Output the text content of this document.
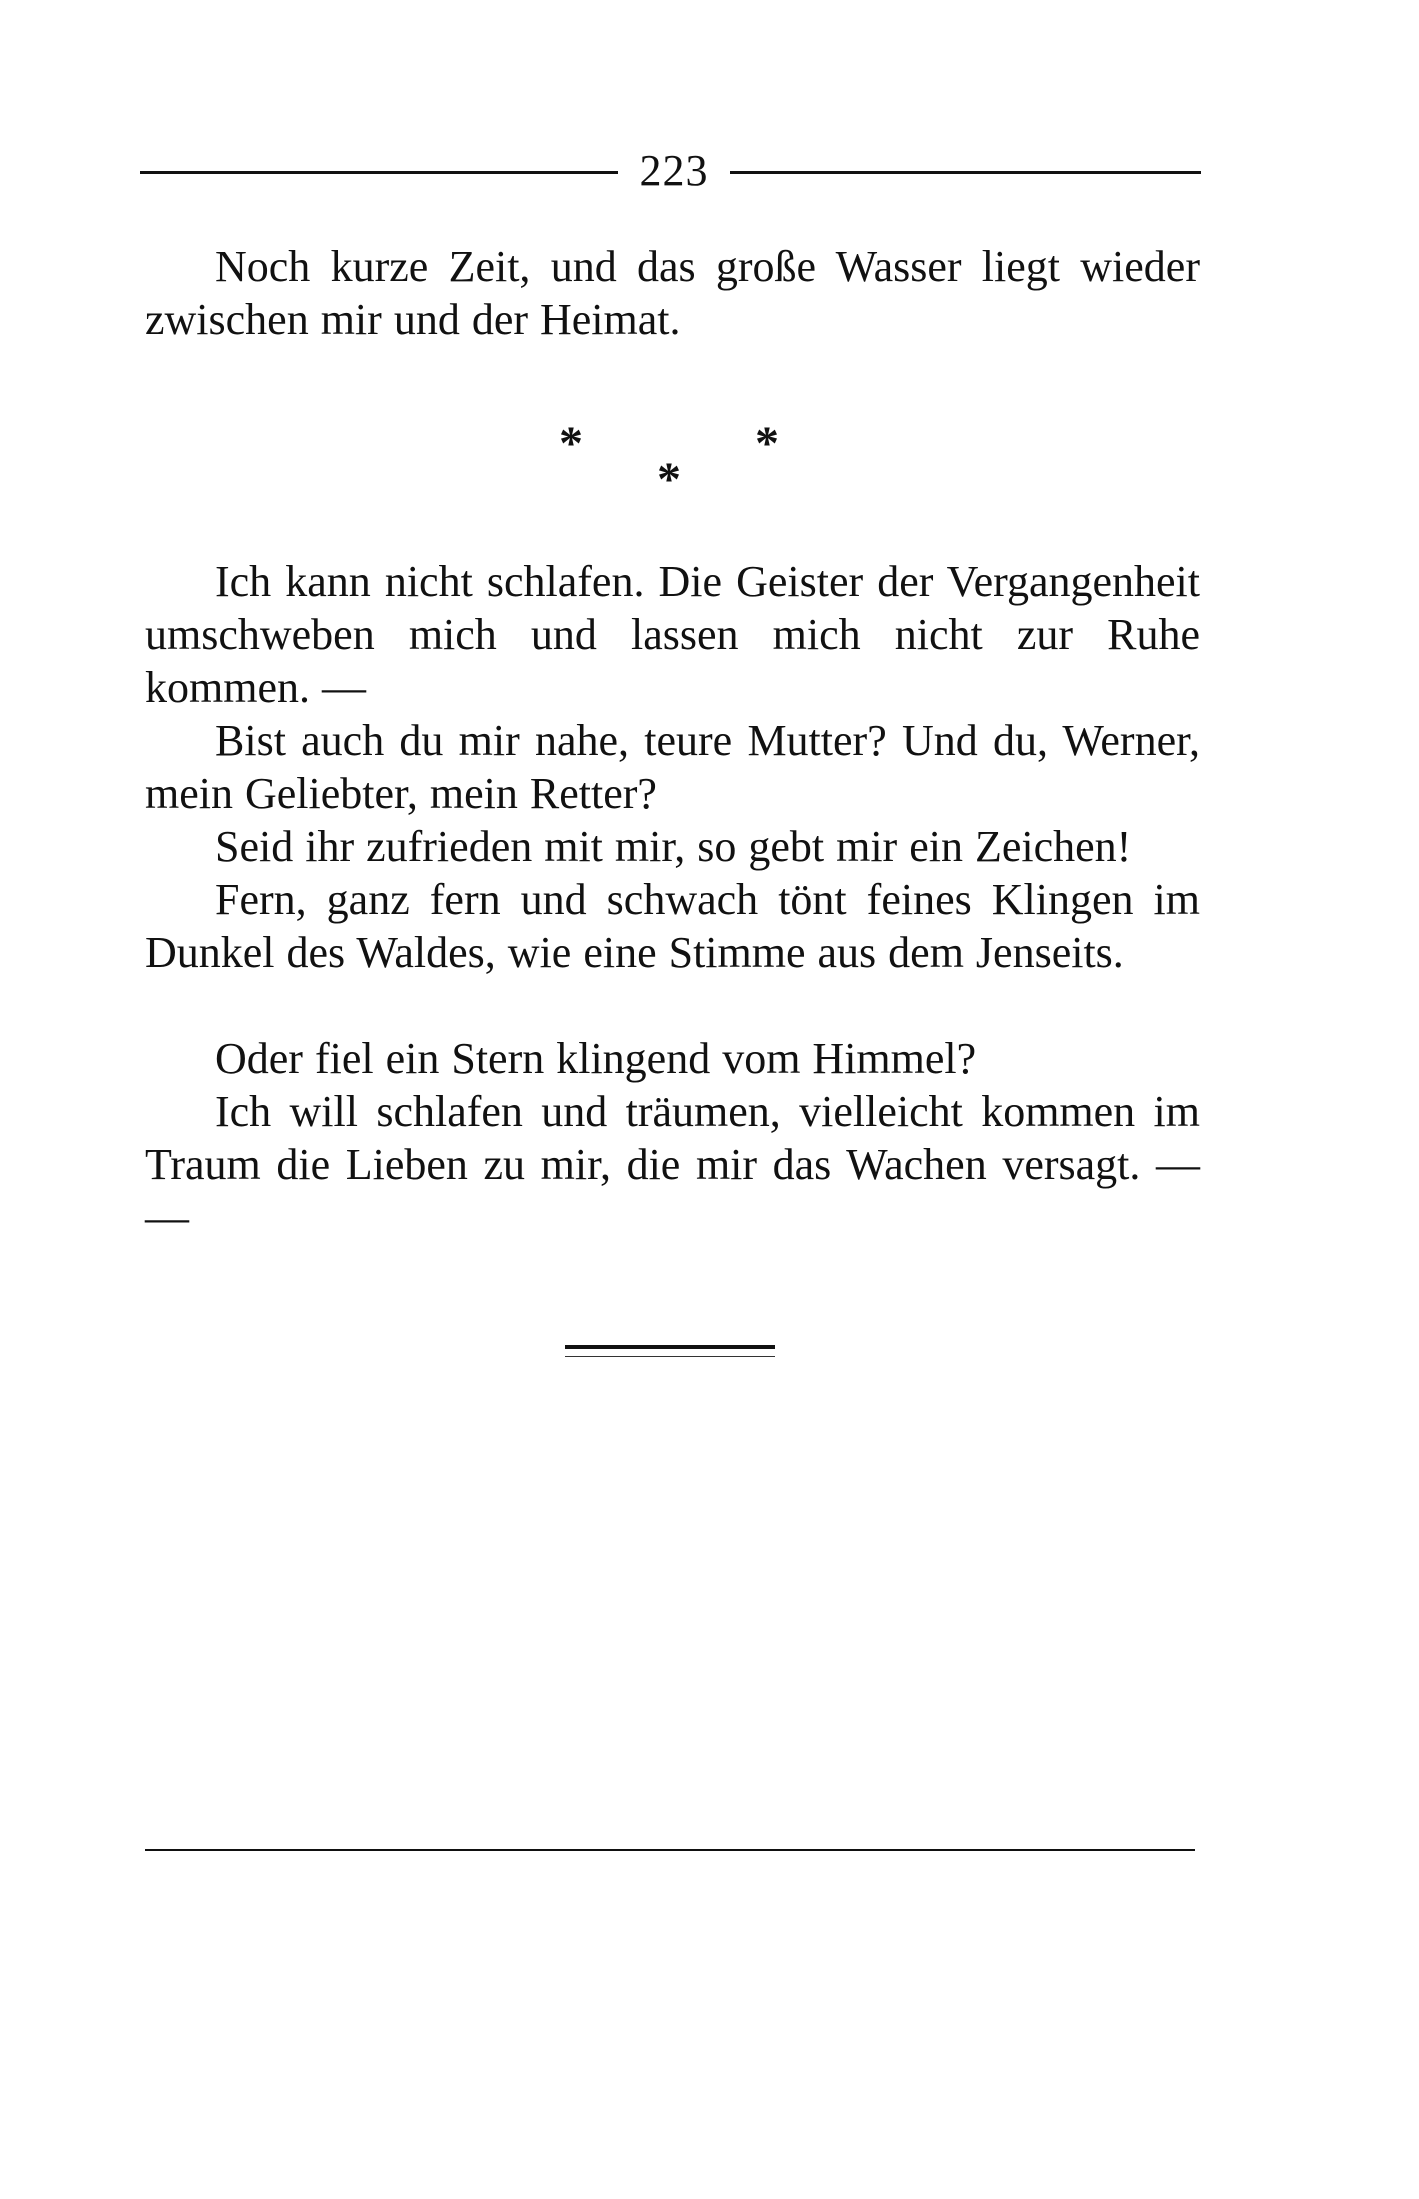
223

Noch kurze Zeit, und das große Wasser liegt wieder zwischen mir und der Heimat.

*	*
*

Ich kann nicht schlafen. Die Geister der Vergangenheit umschweben mich und lassen mich nicht zur Ruhe kommen. —

Bist auch du mir nahe, teure Mutter? Und du, Werner, mein Geliebter, mein Retter?

Seid ihr zufrieden mit mir, so gebt mir ein Zeichen!

Fern, ganz fern und schwach tönt feines Klingen im Dunkel des Waldes, wie eine Stimme aus dem Jenseits.

Oder fiel ein Stern klingend vom Himmel?

Ich will schlafen und träumen, vielleicht kommen im Traum die Lieben zu mir, die mir das Wachen versagt. — —
